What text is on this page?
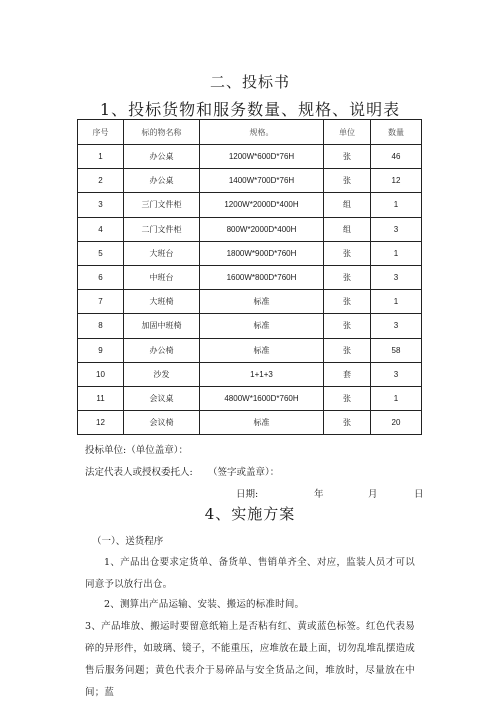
二、投标书
1、投标货物和服务数量、规格、说明表
序号	标的物名称	规格。	单位	数量
1	办公桌	1200W*600D*76H	张	46
2	办公桌	1400W*700D*76H	张	12
3	三门文件柜	1200W*2000D*400H	组	1
4	二门文件柜	800W*2000D*400H	组	3
5	大班台	1800W*900D*760H	张	1
6	中班台	1600W*800D*760H	张	3
7	大班椅	标准	张	1
8	加固中班椅	标准	张	3
9	办公椅	标准	张	58
10	沙发	1+1+3	套	3
11	会议桌	4800W*1600D*760H	张	1
12	会议椅	标准	张	20
投标单位:（单位盖章）：
法定代表人或授权委托人: （签字或盖章）：
日期:	年	月	日
4、实施方案
（一）、送货程序
1、产品出仓要求定货单、备货单、售销单齐全、对应，监装人员才可以同意予以放行出仓。
2、测算出产品运输、安装、搬运的标准时间。
3、产品堆放、搬运时要留意纸箱上是否粘有红、黄或蓝色标签。红色代表易碎的异形件，如玻璃、镜子，不能重压，应堆放在最上面，切勿乱堆乱摆造成售后服务问题；黄色代表介于易碎品与安全货品之间，堆放时，尽量放在中间；蓝
